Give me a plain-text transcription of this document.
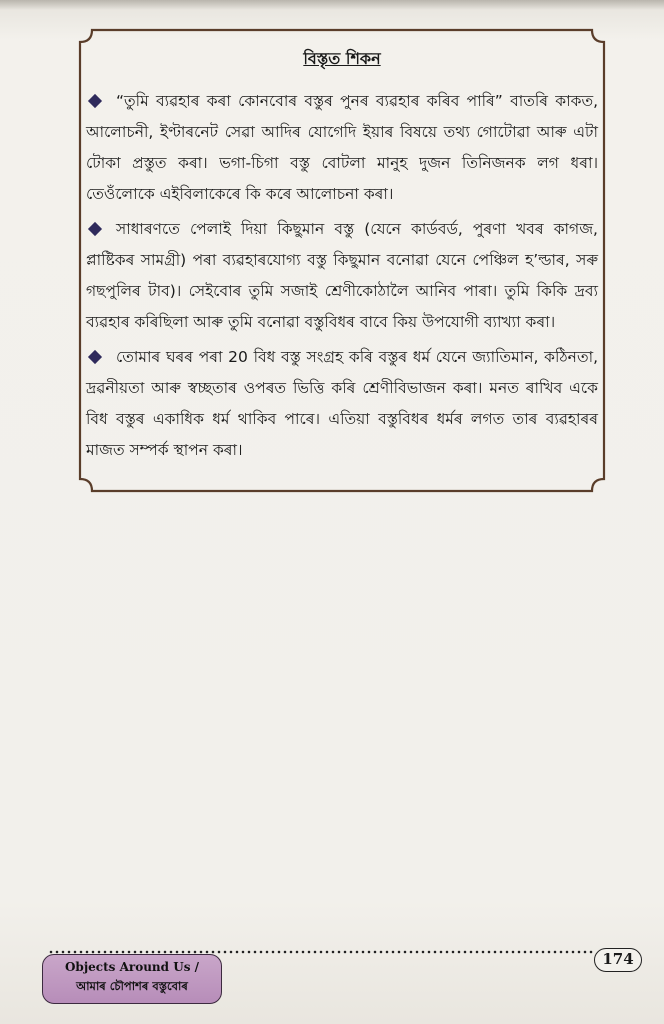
বিস্তৃত শিকন

“তুমি ব্যৱহাৰ কৰা কোনবোৰ বস্তুৰ পুনৰ ব্যৱহাৰ কৰিব পাৰি” বাতৰি কাকত, আলোচনী, ইণ্টাৰনেট সেৱা আদিৰ যোগেদি ইয়াৰ বিষয়ে তথ্য গোটোৱা আৰু এটা টোকা প্ৰস্তুত কৰা। ভগা-চিগা বস্তু বোটলা মানুহ দুজন তিনিজনক লগ ধৰা। তেওঁলোকে এইবিলাকেৰে কি কৰে আলোচনা কৰা।

সাধাৰণতে পেলাই দিয়া কিছুমান বস্তু (যেনে কাৰ্ডবৰ্ড, পুৰণা খবৰ কাগজ, প্লাষ্টিকৰ সামগ্ৰী) পৰা ব্যৱহাৰযোগ্য বস্তু কিছুমান বনোৱা যেনে পেঞ্চিল হ’ল্ডাৰ, সৰু গছপুলিৰ টাব)। সেইবোৰ তুমি সজাই শ্ৰেণীকোঠালৈ আনিব পাৰা। তুমি কিকি দ্ৰব্য ব্যৱহাৰ কৰিছিলা আৰু তুমি বনোৱা বস্তুবিধৰ বাবে কিয় উপযোগী ব্যাখ্যা কৰা।

তোমাৰ ঘৰৰ পৰা 20 বিধ বস্তু সংগ্ৰহ কৰি বস্তুৰ ধৰ্ম যেনে জ্যাতিমান, কঠিনতা, দ্ৰৱনীয়তা আৰু স্বচ্ছতাৰ ওপৰত ভিত্তি কৰি শ্ৰেণীবিভাজন কৰা। মনত ৰাখিব একে বিধ বস্তুৰ একাধিক ধৰ্ম থাকিব পাৰে। এতিয়া বস্তুবিধৰ ধৰ্মৰ লগত তাৰ ব্যৱহাৰৰ মাজত সম্পৰ্ক স্থাপন কৰা।

Objects Around Us /
আমাৰ চৌপাশৰ বস্তুবোৰ
174
